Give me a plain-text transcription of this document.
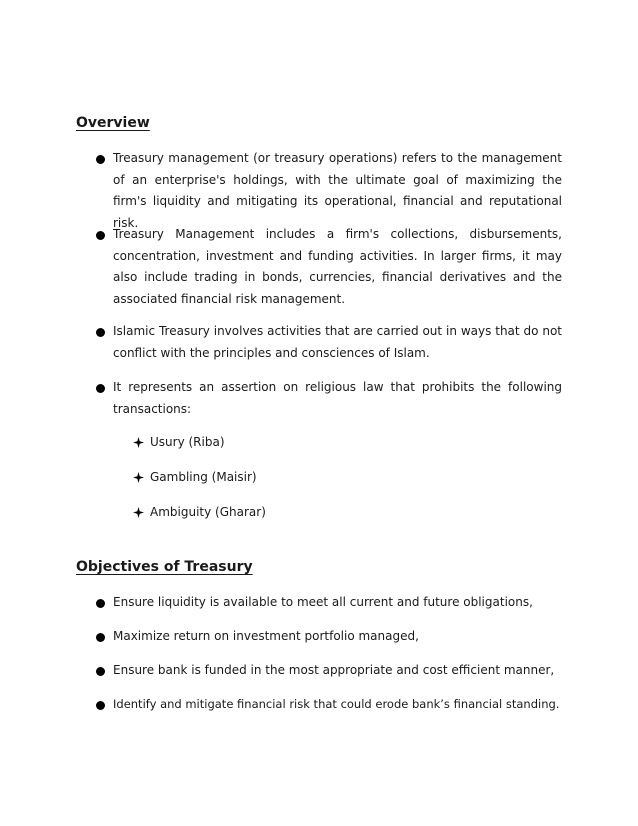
Overview

Treasury management (or treasury operations) refers to the management of an enterprise's holdings, with the ultimate goal of maximizing the firm's liquidity and mitigating its operational, financial and reputational risk.

Treasury Management includes a firm's collections, disbursements, concentration, investment and funding activities. In larger firms, it may also include trading in bonds, currencies, financial derivatives and the associated financial risk management.

Islamic Treasury involves activities that are carried out in ways that do not conflict with the principles and consciences of Islam.

It represents an assertion on religious law that prohibits the following transactions:

Usury (Riba)
Gambling (Maisir)
Ambiguity (Gharar)
Objectives of Treasury

Ensure liquidity is available to meet all current and future obligations,

Maximize return on investment portfolio managed,

Ensure bank is funded in the most appropriate and cost efficient manner,

Identify and mitigate financial risk that could erode bank’s financial standing.
